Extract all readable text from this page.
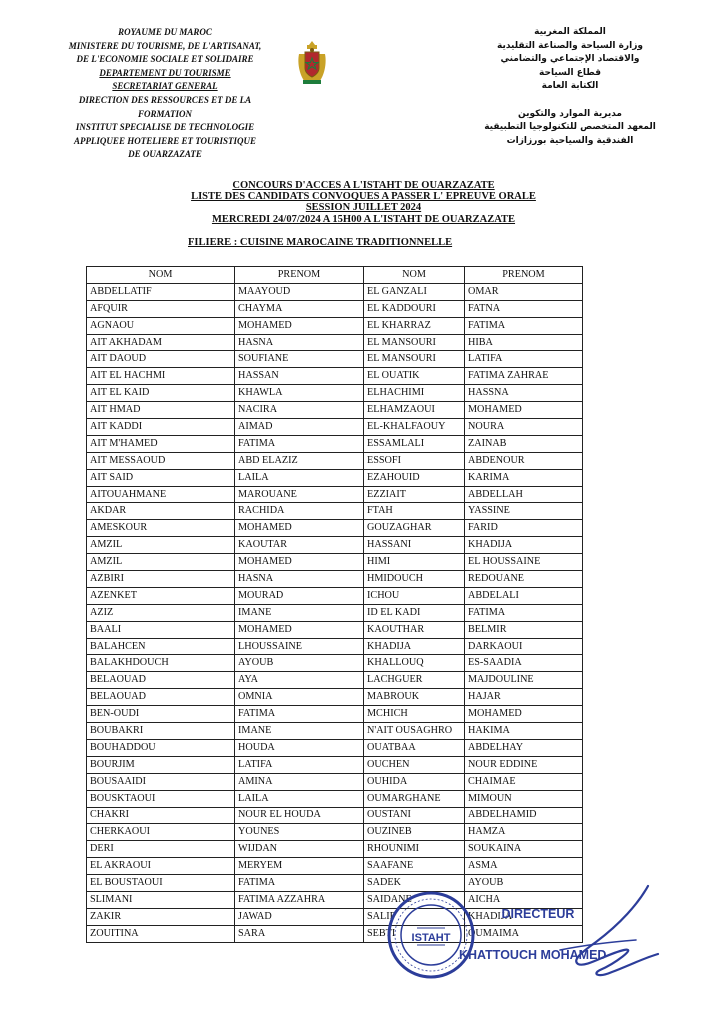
ROYAUME DU MAROC
MINISTERE DU TOURISME, DE L'ARTISANAT,
DE L'ECONOMIE SOCIALE ET SOLIDAIRE
DEPARTEMENT DU TOURISME
SECRETARIAT GENERAL
DIRECTION DES RESSOURCES ET DE LA
FORMATION
INSTITUT SPECIALISE DE TECHNOLOGIE
APPLIQUEE HOTELIERE ET TOURISTIQUE
DE OUARZAZATE
المملكة المغربية
وزارة السياحة والصناعة التقليدية
والاقتصاد الإجتماعي والتضامني
قطاع السياحة
الكتابة العامة

مديرية الموارد والتكوين
المعهد المتخصص للتكنولوجيا التطبيقية
الفندقية والسياحية بورزازات
CONCOURS D'ACCES A L'ISTAHT DE OUARZAZATE
LISTE DES CANDIDATS CONVOQUES A PASSER L' EPREUVE ORALE
SESSION JUILLET 2024
MERCREDI 24/07/2024 A 15H00 A L'ISTAHT DE OUARZAZATE
FILIERE : CUISINE MAROCAINE TRADITIONNELLE
NOM	PRENOM	NOM	PRENOM
ABDELLATIF	MAAYOUD	EL GANZALI	OMAR
AFQUIR	CHAYMA	EL KADDOURI	FATNA
AGNAOU	MOHAMED	EL KHARRAZ	FATIMA
AIT AKHADAM	HASNA	EL MANSOURI	HIBA
AIT DAOUD	SOUFIANE	EL MANSOURI	LATIFA
AIT EL HACHMI	HASSAN	EL OUATIK	FATIMA ZAHRAE
AIT EL KAID	KHAWLA	ELHACHIMI	HASSNA
AIT HMAD	NACIRA	ELHAMZAOUI	MOHAMED
AIT KADDI	AIMAD	EL-KHALFAOUY	NOURA
AIT M'HAMED	FATIMA	ESSAMLALI	ZAINAB
AIT MESSAOUD	ABD ELAZIZ	ESSOFI	ABDENOUR
AIT SAID	LAILA	EZAHOUID	KARIMA
AITOUAHMANE	MAROUANE	EZZIAIT	ABDELLAH
AKDAR	RACHIDA	FTAH	YASSINE
AMESKOUR	MOHAMED	GOUZAGHAR	FARID
AMZIL	KAOUTAR	HASSANI	KHADIJA
AMZIL	MOHAMED	HIMI	EL HOUSSAINE
AZBIRI	HASNA	HMIDOUCH	REDOUANE
AZENKET	MOURAD	ICHOU	ABDELALI
AZIZ	IMANE	ID EL KADI	FATIMA
BAALI	MOHAMED	KAOUTHAR	BELMIR
BALAHCEN	LHOUSSAINE	KHADIJA	DARKAOUI
BALAKHDOUCH	AYOUB	KHALLOUQ	ES-SAADIA
BELAOUAD	AYA	LACHGUER	MAJDOULINE
BELAOUAD	OMNIA	MABROUK	HAJAR
BEN-OUDI	FATIMA	MCHICH	MOHAMED
BOUBAKRI	IMANE	N'AIT OUSAGHRO	HAKIMA
BOUHADDOU	HOUDA	OUATBAA	ABDELHAY
BOURJIM	LATIFA	OUCHEN	NOUR EDDINE
BOUSAAIDI	AMINA	OUHIDA	CHAIMAE
BOUSKTAOUI	LAILA	OUMARGHANE	MIMOUN
CHAKRI	NOUR EL HOUDA	OUSTANI	ABDELHAMID
CHERKAOUI	YOUNES	OUZINEB	HAMZA
DERI	WIJDAN	RHOUNIMI	SOUKAINA
EL AKRAOUI	MERYEM	SAAFANE	ASMA
EL BOUSTAOUI	FATIMA	SADEK	AYOUB
SLIMANI	FATIMA AZZAHRA	SAIDANE	AICHA
ZAKIR	JAWAD	SALIF	KHADIJA
ZOUITINA	SARA	SEBTI	OUMAIMA
ISTAHT
DIRECTEUR
KHATTOUCH MOHAMED
